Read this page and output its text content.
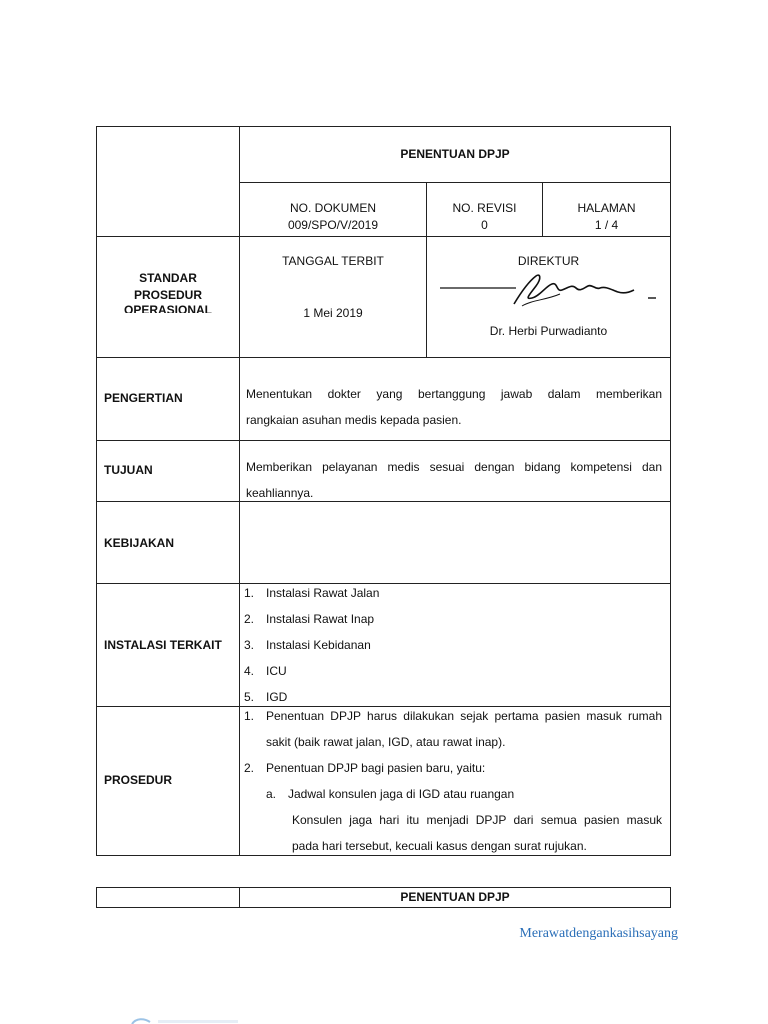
PENENTUAN DPJP
NO. DOKUMEN
009/SPO/V/2019
NO. REVISI
0
HALAMAN
1 / 4
STANDAR
PROSEDUR
OPERASIONAL
TANGGAL TERBIT
1 Mei 2019
DIREKTUR
Dr. Herbi Purwadianto
PENGERTIAN	Menentukan dokter yang bertanggung jawab dalam memberikan
rangkaian asuhan medis kepada pasien.
TUJUAN	Memberikan pelayanan medis sesuai dengan bidang kompetensi dan
keahliannya.
KEBIJAKAN
INSTALASI TERKAIT
1. Instalasi Rawat Jalan
2. Instalasi Rawat Inap
3. Instalasi Kebidanan
4. ICU
5. IGD
PROSEDUR
1. Penentuan DPJP harus dilakukan sejak pertama pasien masuk rumah
sakit (baik rawat jalan, IGD, atau rawat inap).
2. Penentuan DPJP bagi pasien baru, yaitu:
a. Jadwal konsulen jaga di IGD atau ruangan
Konsulen jaga hari itu menjadi DPJP dari semua pasien masuk
pada hari tersebut, kecuali kasus dengan surat rujukan.
PENENTUAN DPJP
Merawatdengankasihsayang
